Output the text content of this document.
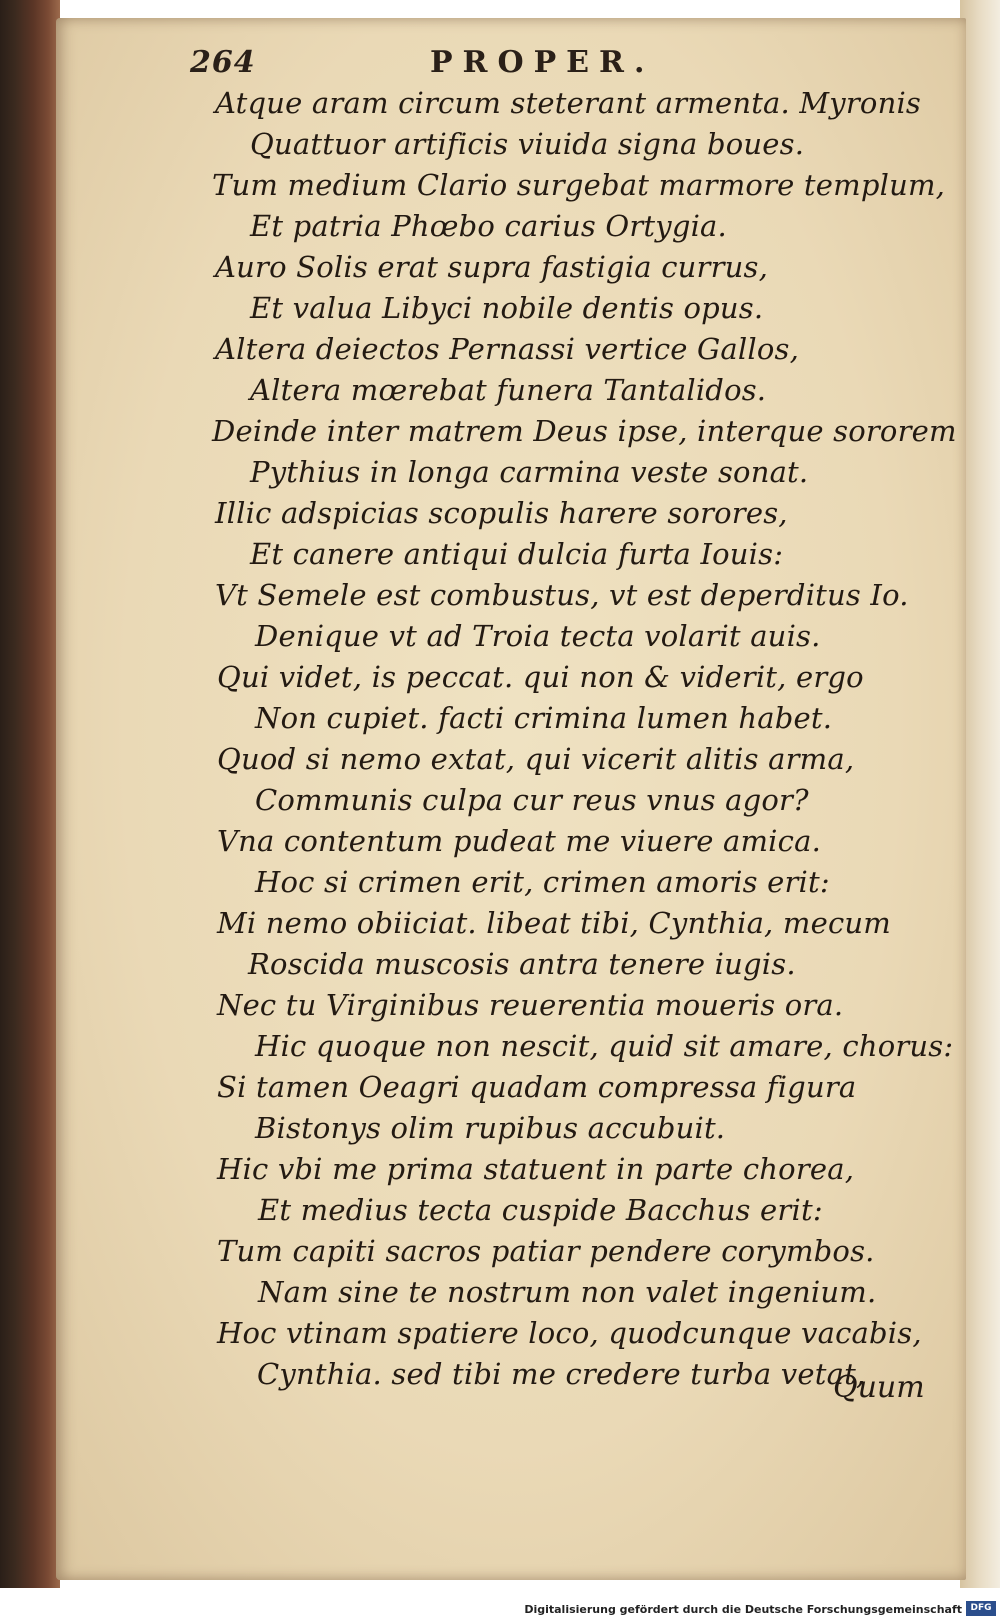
264	PROPER.
Atque aram circum steterant armenta. Myronis
Quattuor artificis viuida signa boues.
Tum medium Clario surgebat marmore templum,
Et patria Phœbo carius Ortygia.
Auro Solis erat supra fastigia currus,
Et valua Libyci nobile dentis opus.
Altera deiectos Pernassi vertice Gallos,
Altera mœrebat funera Tantalidos.
Deinde inter matrem Deus ipse, interque sororem
Pythius in longa carmina veste sonat.
Illic adspicias scopulis harere sorores,
Et canere antiqui dulcia furta Iouis:
Vt Semele est combustus, vt est deperditus Io.
Denique vt ad Troia tecta volarit auis.
Qui videt, is peccat. qui non & viderit, ergo
Non cupiet. facti crimina lumen habet.
Quod si nemo extat, qui vicerit alitis arma,
Communis culpa cur reus vnus agor?
Vna contentum pudeat me viuere amica.
Hoc si crimen erit, crimen amoris erit:
Mi nemo obiiciat. libeat tibi, Cynthia, mecum
Roscida muscosis antra tenere iugis.
Nec tu Virginibus reuerentia moueris ora.
Hic quoque non nescit, quid sit amare, chorus:
Si tamen Oeagri quadam compressa figura
Bistonys olim rupibus accubuit.
Hic vbi me prima statuent in parte chorea,
Et medius tecta cuspide Bacchus erit:
Tum capiti sacros patiar pendere corymbos.
Nam sine te nostrum non valet ingenium.
Hoc vtinam spatiere loco, quodcunque vacabis,
Cynthia. sed tibi me credere turba vetat,
Quum
Digitalisierung gefördert durch die Deutsche Forschungsgemeinschaft DFG
